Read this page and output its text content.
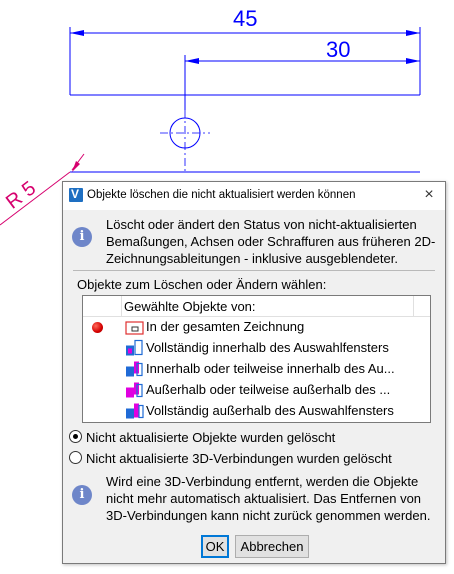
45
30
R 5
V	Objekte löschen die nicht aktualisiert werden können	×
i
Löscht oder ändert den Status von nicht-aktualisierten Bemaßungen, Achsen oder Schraffuren aus früheren 2D-Zeichnungsableitungen - inklusive ausgeblendeter.
Objekte zum Löschen oder Ändern wählen:
Gewählte Objekte von:
In der gesamten Zeichnung
Vollständig innerhalb des Auswahlfensters
Innerhalb oder teilweise innerhalb des Au...
Außerhalb oder teilweise außerhalb des ...
Vollständig außerhalb des Auswahlfensters
Nicht aktualisierte Objekte wurden gelöscht
Nicht aktualisierte 3D-Verbindungen wurden gelöscht
i
Wird eine 3D-Verbindung entfernt, werden die Objekte nicht mehr automatisch aktualisiert. Das Entfernen von 3D-Verbindungen kann nicht zurück genommen werden.
OK	Abbrechen
